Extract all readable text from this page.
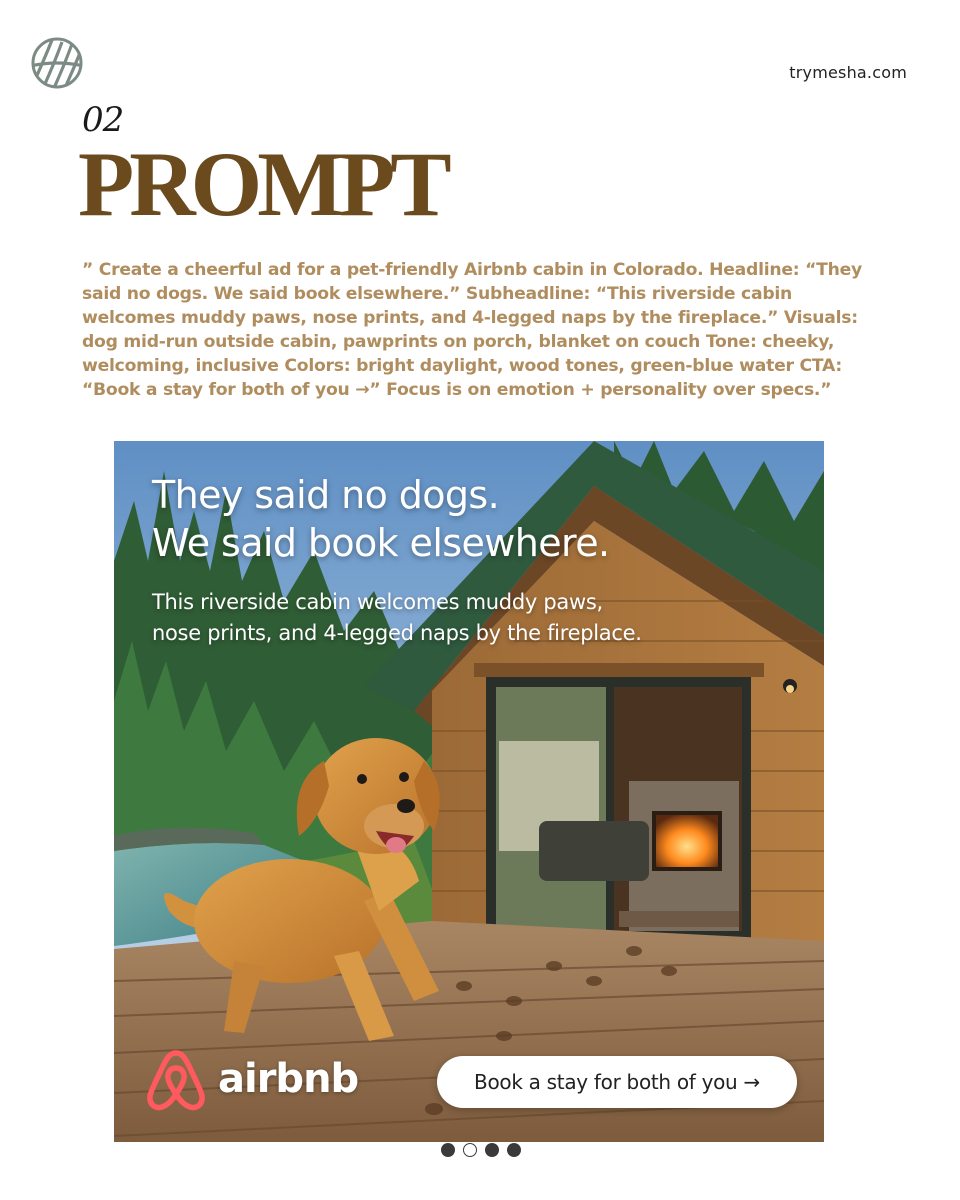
trymesha.com
02
PROMPT

” Create a cheerful ad for a pet-friendly Airbnb cabin in Colorado. Headline: “They said no dogs. We said book elsewhere.” Subheadline: “This riverside cabin welcomes muddy paws, nose prints, and 4-legged naps by the fireplace.” Visuals: dog mid-run outside cabin, pawprints on porch, blanket on couch Tone: cheeky, welcoming, inclusive Colors: bright daylight, wood tones, green-blue water CTA: “Book a stay for both of you →” Focus is on emotion + personality over specs.”

They said no dogs.
We said book elsewhere.
This riverside cabin welcomes muddy paws,
nose prints, and 4-legged naps by the fireplace.
airbnb	Book a stay for both of you →
